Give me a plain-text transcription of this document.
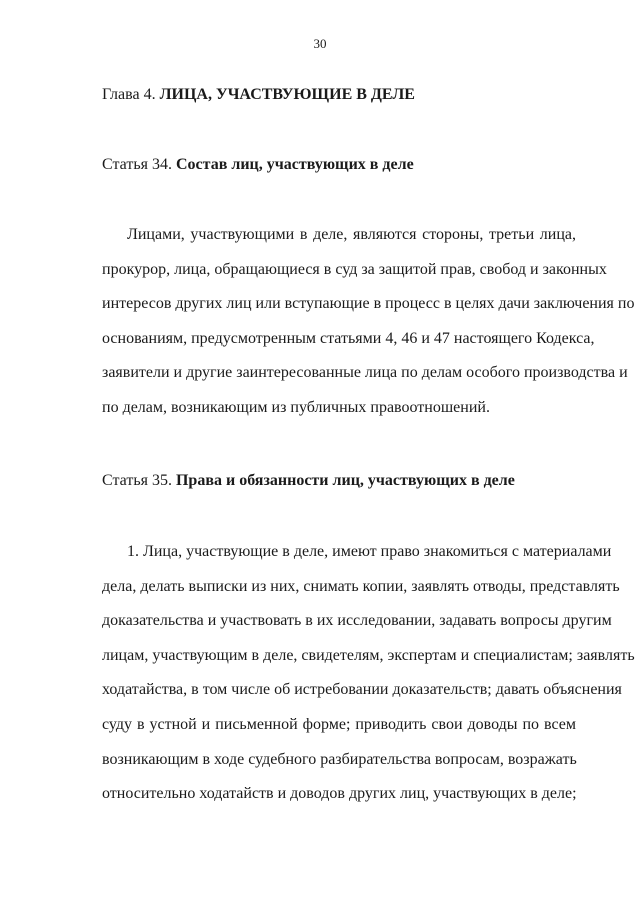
30
Глава 4. ЛИЦА, УЧАСТВУЮЩИЕ В ДЕЛЕ
Статья 34. Состав лиц, участвующих в деле
Лицами, участвующими в деле, являются стороны, третьи лица,
прокурор, лица, обращающиеся в суд за защитой прав, свобод и законных
интересов других лиц или вступающие в процесс в целях дачи заключения по
основаниям, предусмотренным статьями 4, 46 и 47 настоящего Кодекса,
заявители и другие заинтересованные лица по делам особого производства и
по делам, возникающим из публичных правоотношений.
Статья 35. Права и обязанности лиц, участвующих в деле
1. Лица, участвующие в деле, имеют право знакомиться с материалами
дела, делать выписки из них, снимать копии, заявлять отводы, представлять
доказательства и участвовать в их исследовании, задавать вопросы другим
лицам, участвующим в деле, свидетелям, экспертам и специалистам; заявлять
ходатайства, в том числе об истребовании доказательств; давать объяснения
суду в устной и письменной форме; приводить свои доводы по всем
возникающим в ходе судебного разбирательства вопросам, возражать
относительно ходатайств и доводов других лиц, участвующих в деле;
